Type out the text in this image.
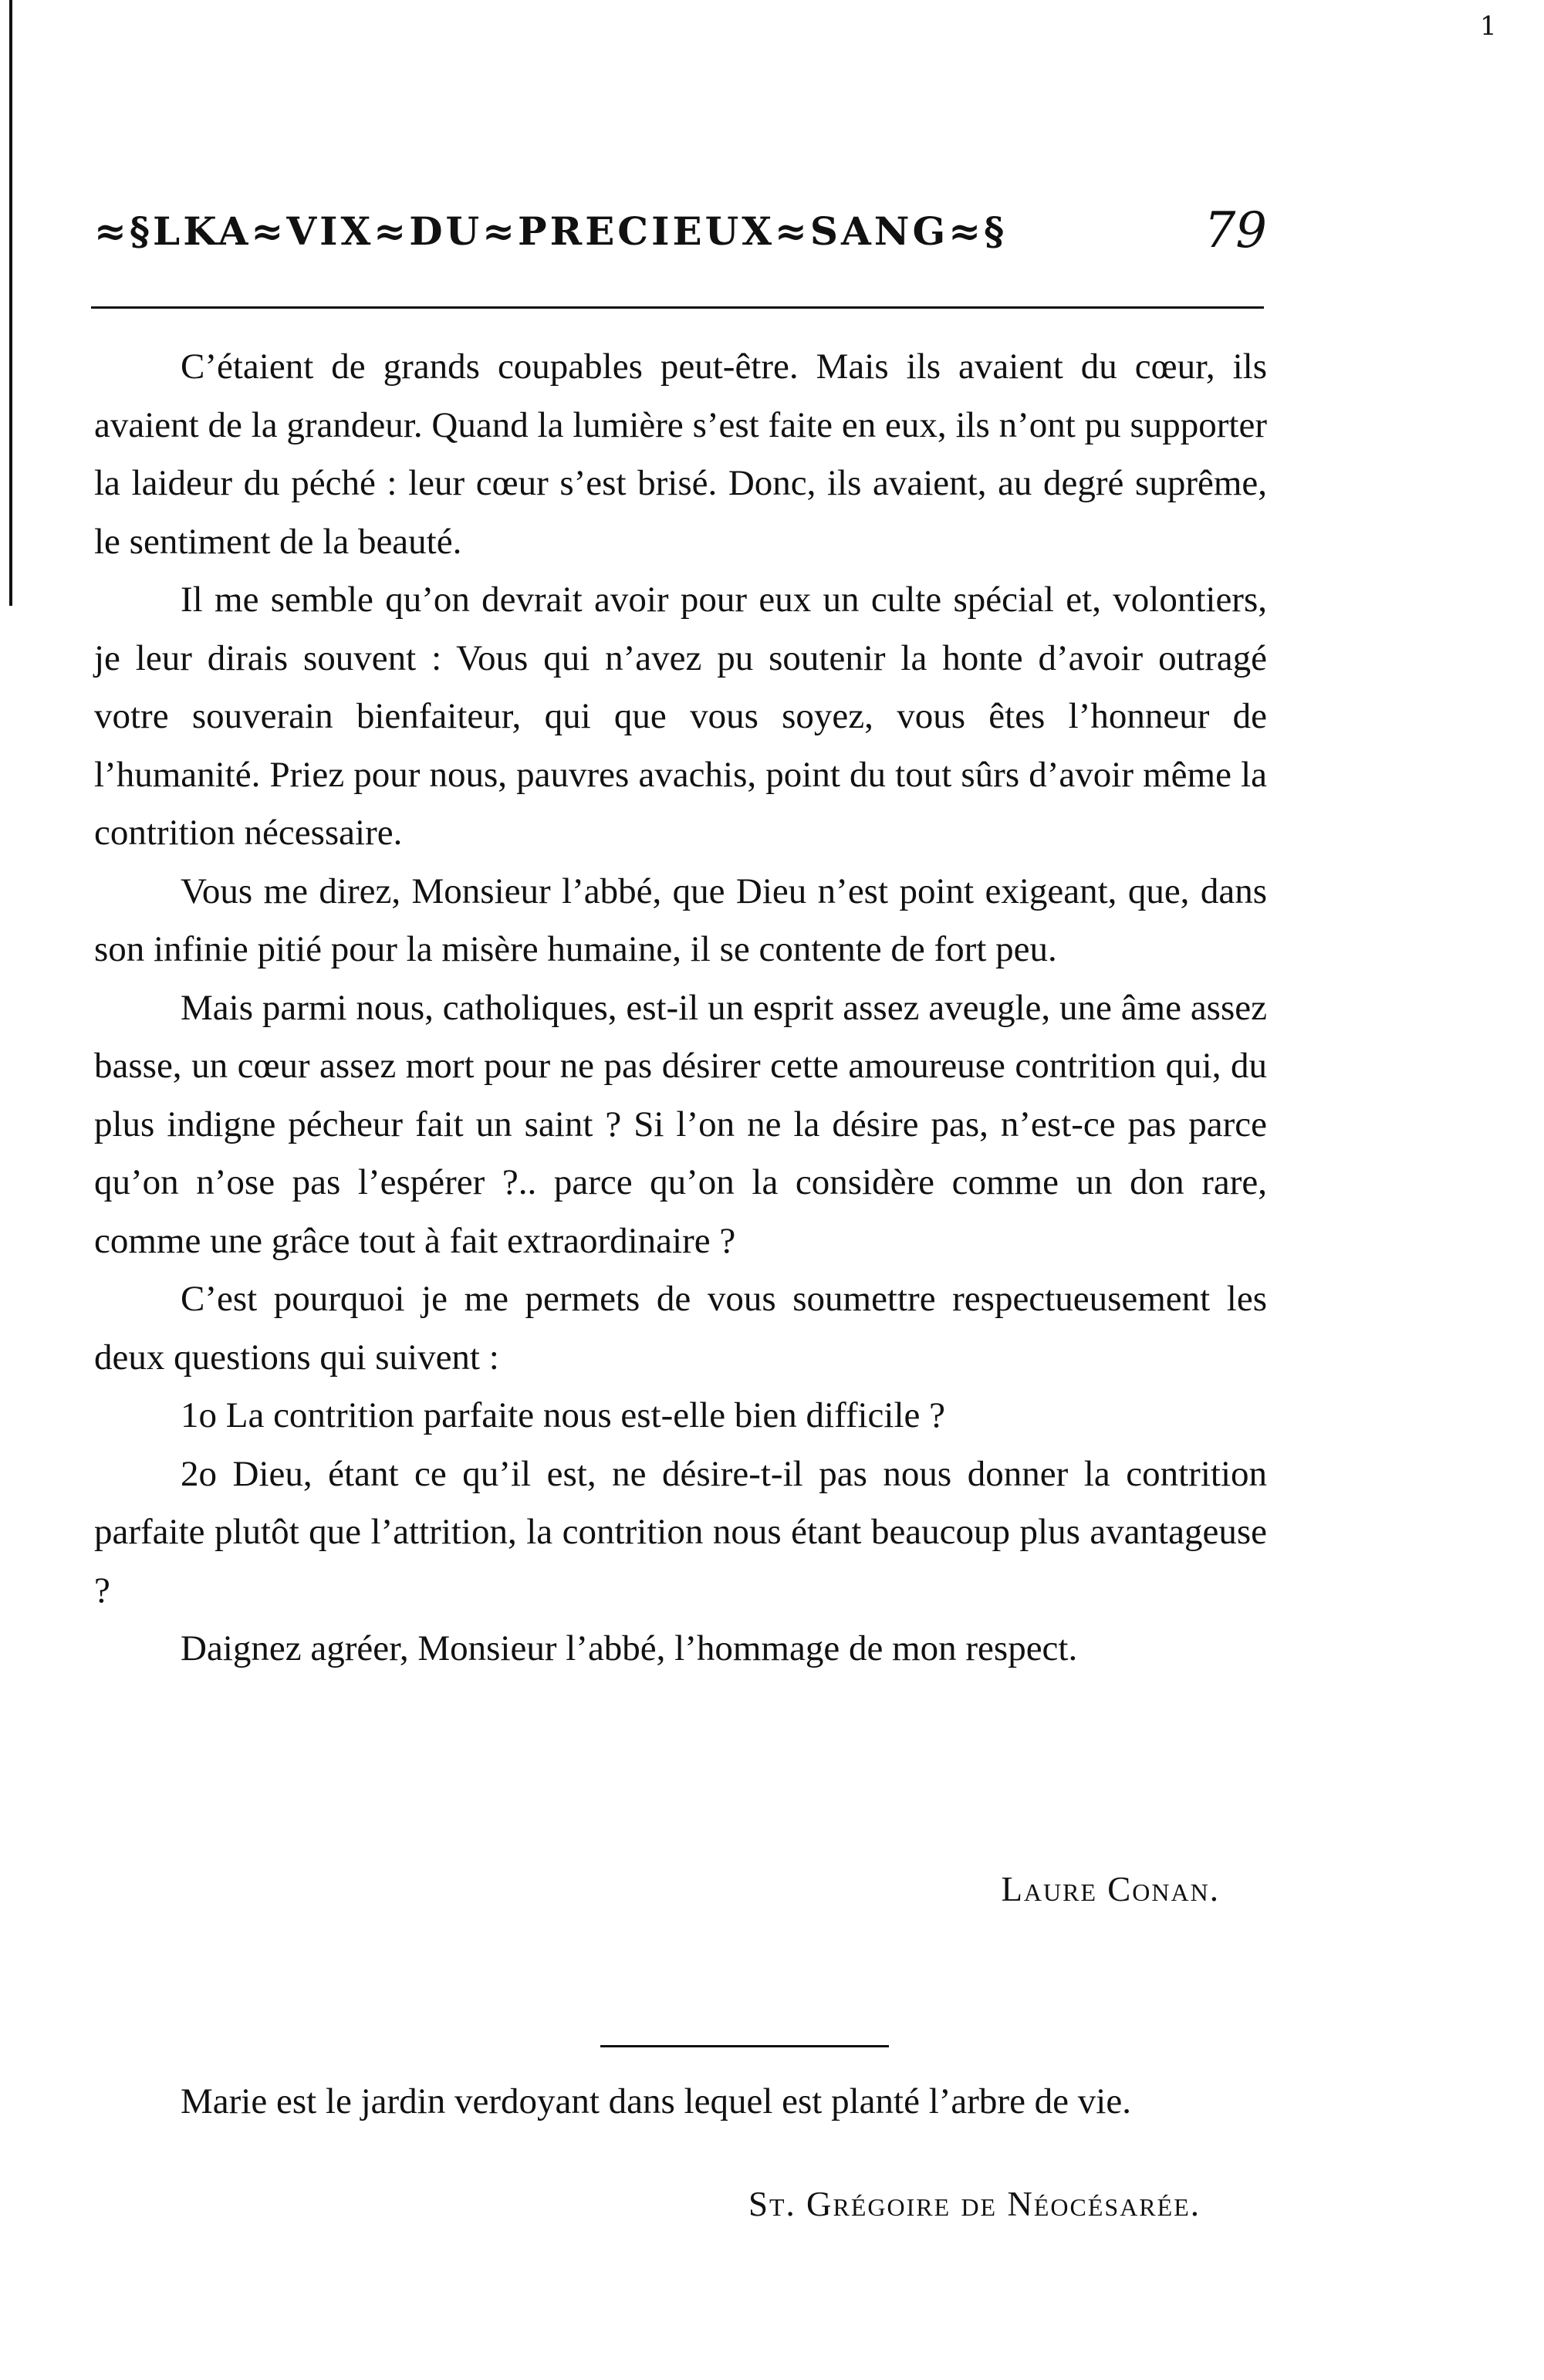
1
≈§LKA≈VIX≈DU≈PRECIEUX≈SANG≈§	79

C’étaient de grands coupables peut-être. Mais ils avaient du cœur, ils avaient de la grandeur. Quand la lumière s’est faite en eux, ils n’ont pu supporter la laideur du péché : leur cœur s’est brisé. Donc, ils avaient, au degré suprême, le sentiment de la beauté.

Il me semble qu’on devrait avoir pour eux un culte spécial et, volontiers, je leur dirais souvent : Vous qui n’avez pu soutenir la honte d’avoir outragé votre souverain bienfaiteur, qui que vous soyez, vous êtes l’honneur de l’humanité. Priez pour nous, pauvres avachis, point du tout sûrs d’avoir même la contrition nécessaire.

Vous me direz, Monsieur l’abbé, que Dieu n’est point exigeant, que, dans son infinie pitié pour la misère humaine, il se contente de fort peu.

Mais parmi nous, catholiques, est-il un esprit assez aveugle, une âme assez basse, un cœur assez mort pour ne pas désirer cette amoureuse contrition qui, du plus indigne pécheur fait un saint ? Si l’on ne la désire pas, n’est-ce pas parce qu’on n’ose pas l’espérer ?.. parce qu’on la considère comme un don rare, comme une grâce tout à fait extraordinaire ?

C’est pourquoi je me permets de vous soumettre respectueusement les deux questions qui suivent :

1o La contrition parfaite nous est-elle bien difficile ?

2o Dieu, étant ce qu’il est, ne désire-t-il pas nous donner la contrition parfaite plutôt que l’attrition, la contrition nous étant beaucoup plus avantageuse ?

Daignez agréer, Monsieur l’abbé, l’hommage de mon respect.

Laure Conan.

Marie est le jardin verdoyant dans lequel est planté l’arbre de vie.

St. Grégoire de Néocésarée.
